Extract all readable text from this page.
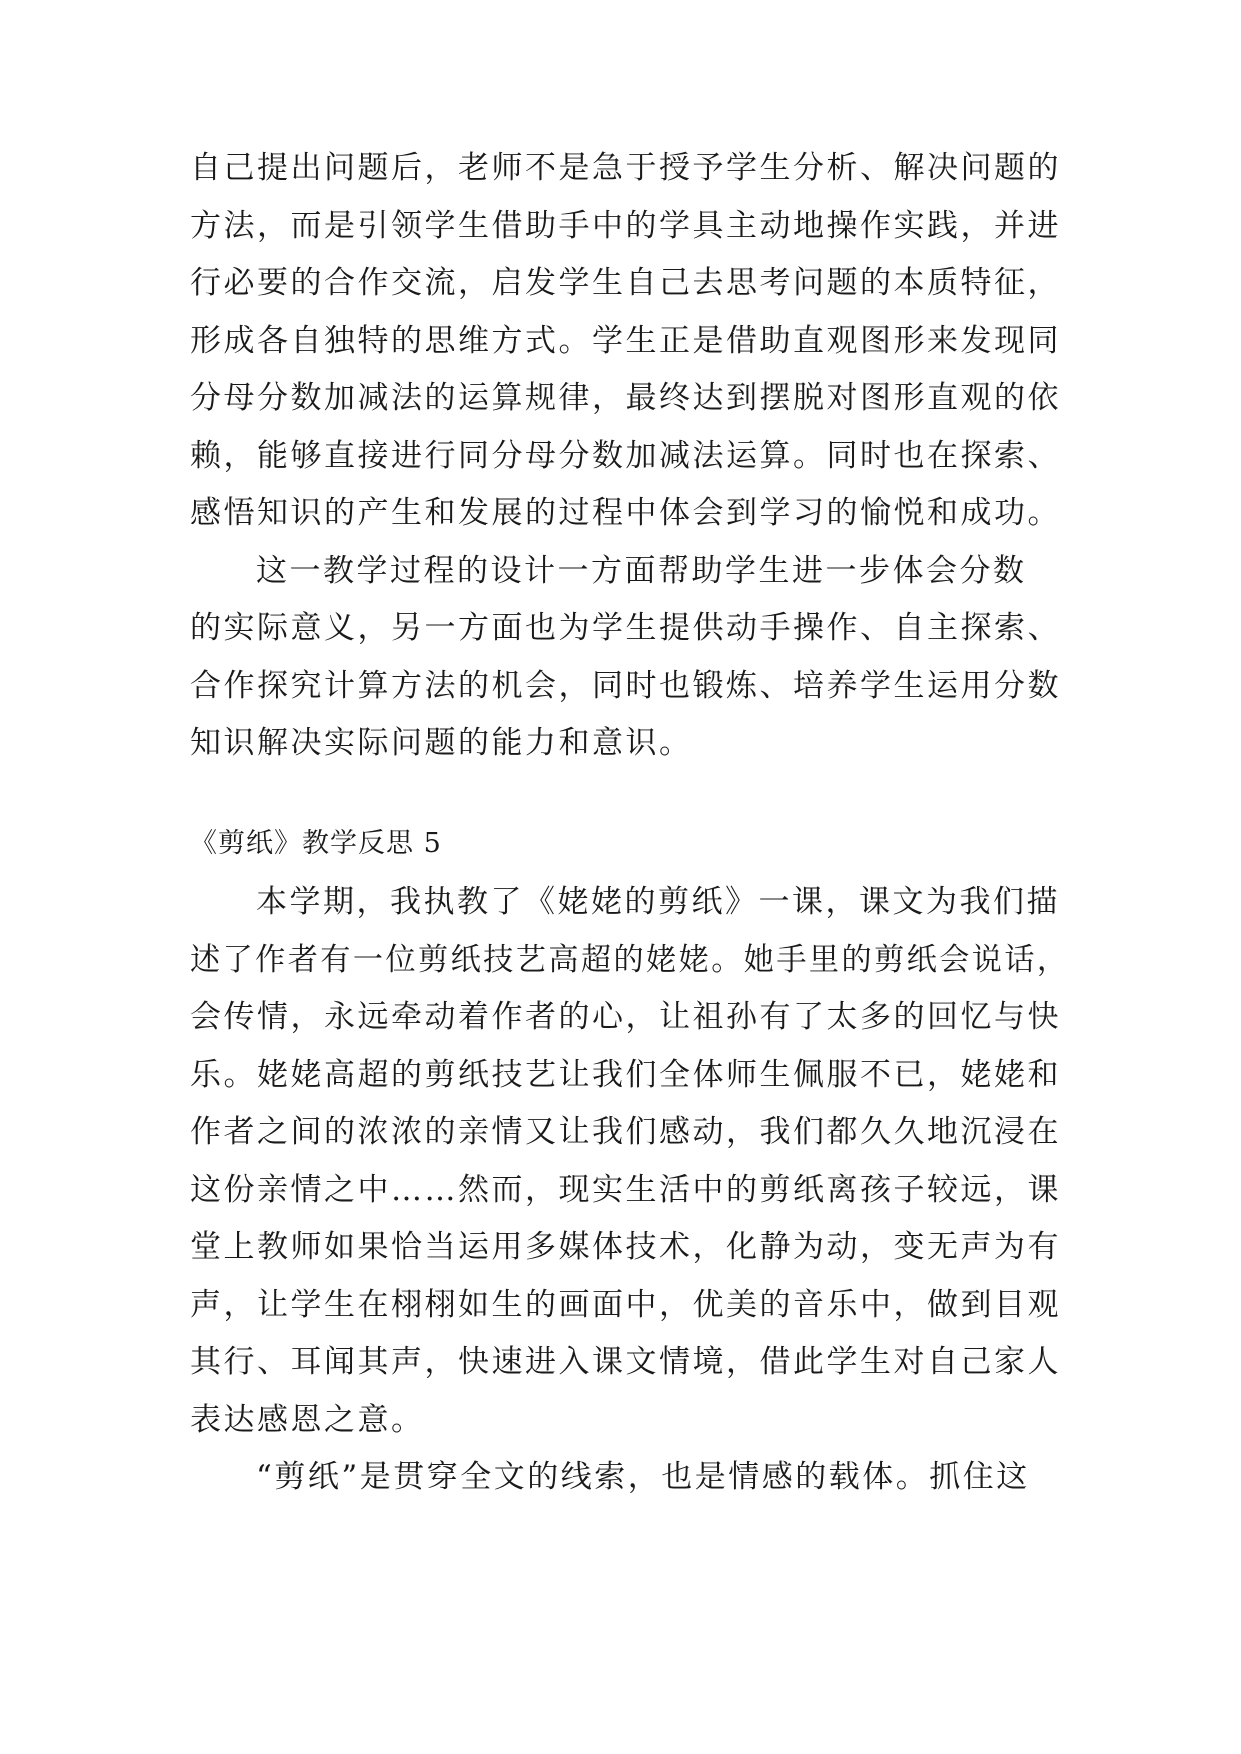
自己提出问题后，老师不是急于授予学生分析、解决问题的
方法，而是引领学生借助手中的学具主动地操作实践，并进
行必要的合作交流，启发学生自己去思考问题的本质特征，
形成各自独特的思维方式。学生正是借助直观图形来发现同
分母分数加减法的运算规律，最终达到摆脱对图形直观的依
赖，能够直接进行同分母分数加减法运算。同时也在探索、
感悟知识的产生和发展的过程中体会到学习的愉悦和成功。
这一教学过程的设计一方面帮助学生进一步体会分数
的实际意义，另一方面也为学生提供动手操作、自主探索、
合作探究计算方法的机会，同时也锻炼、培养学生运用分数
知识解决实际问题的能力和意识。
《剪纸》教学反思 5
本学期，我执教了《姥姥的剪纸》一课，课文为我们描
述了作者有一位剪纸技艺高超的姥姥。她手里的剪纸会说话，
会传情，永远牵动着作者的心，让祖孙有了太多的回忆与快
乐。姥姥高超的剪纸技艺让我们全体师生佩服不已，姥姥和
作者之间的浓浓的亲情又让我们感动，我们都久久地沉浸在
这份亲情之中……然而，现实生活中的剪纸离孩子较远，课
堂上教师如果恰当运用多媒体技术，化静为动，变无声为有
声，让学生在栩栩如生的画面中，优美的音乐中，做到目观
其行、耳闻其声，快速进入课文情境，借此学生对自己家人
表达感恩之意。
“剪纸”是贯穿全文的线索，也是情感的载体。抓住这
